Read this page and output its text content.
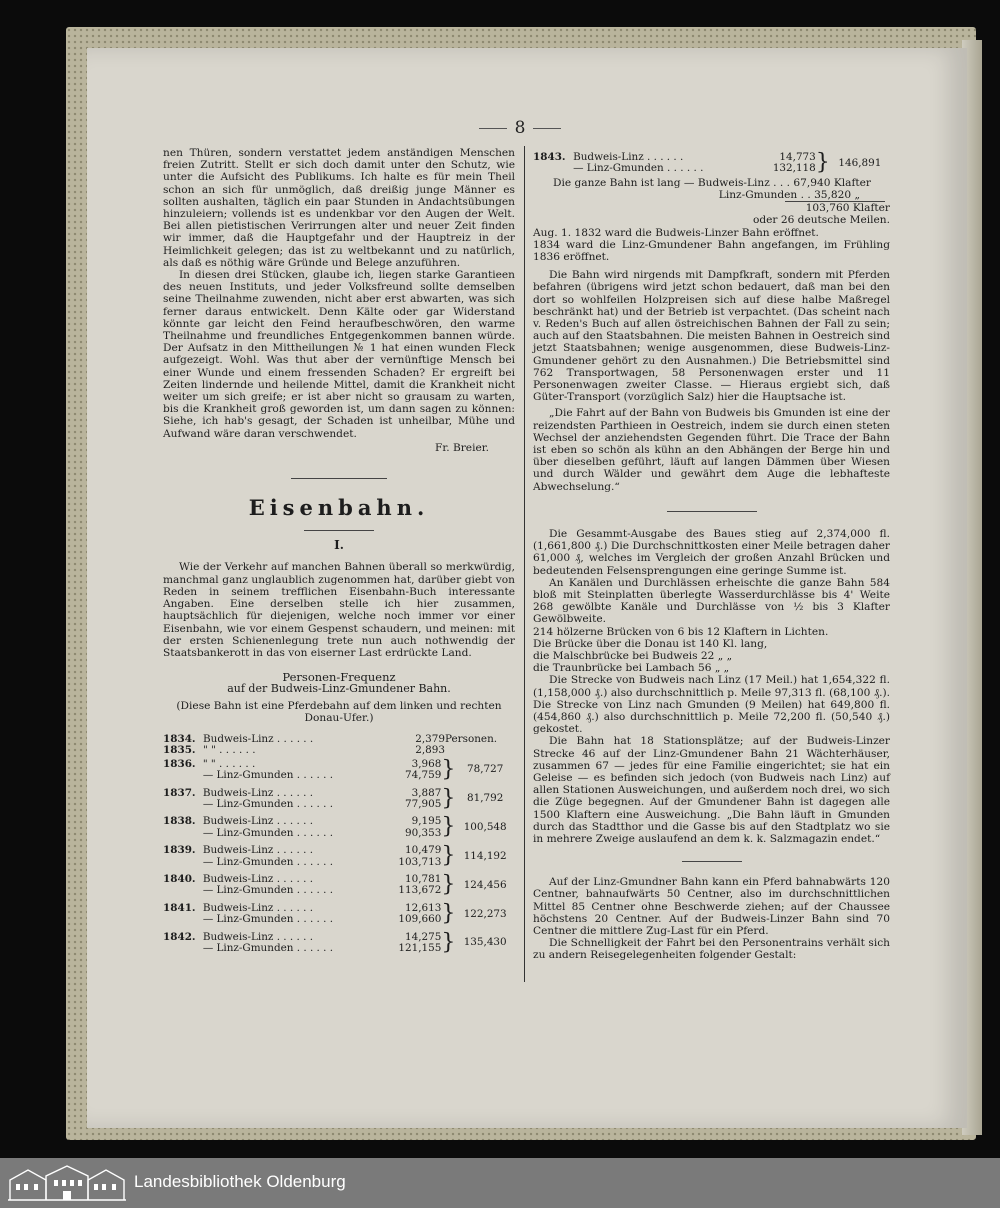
8

nen Thüren, sondern verstattet jedem anständigen Menschen freien Zutritt. Stellt er sich doch damit unter den Schutz, wie unter die Aufsicht des Publikums. Ich halte es für mein Theil schon an sich für unmöglich, daß dreißig junge Männer es sollten aushalten, täglich ein paar Stunden in Andachtsübungen hinzuleiern; vollends ist es undenkbar vor den Augen der Welt. Bei allen pietistischen Verirrungen alter und neuer Zeit finden wir immer, daß die Hauptgefahr und der Hauptreiz in der Heimlichkeit gelegen; das ist zu weltbekannt und zu natürlich, als daß es nöthig wäre Gründe und Belege anzuführen.

In diesen drei Stücken, glaube ich, liegen starke Garantieen des neuen Instituts, und jeder Volksfreund sollte demselben seine Theilnahme zuwenden, nicht aber erst abwarten, was sich ferner daraus entwickelt. Denn Kälte oder gar Widerstand könnte gar leicht den Feind heraufbeschwören, den warme Theilnahme und freundliches Entgegenkommen bannen würde. Der Aufsatz in den Mittheilungen № 1 hat einen wunden Fleck aufgezeigt. Wohl. Was thut aber der vernünftige Mensch bei einer Wunde und einem fressenden Schaden? Er ergreift bei Zeiten lindernde und heilende Mittel, damit die Krankheit nicht weiter um sich greife; er ist aber nicht so grausam zu warten, bis die Krankheit groß geworden ist, um dann sagen zu können: Siehe, ich hab's gesagt, der Schaden ist unheilbar, Mühe und Aufwand wäre daran verschwendet.

Fr. Breier.

Eisenbahn.
I.

Wie der Verkehr auf manchen Bahnen überall so merkwürdig, manchmal ganz unglaublich zugenommen hat, darüber giebt von Reden in seinem trefflichen Eisenbahn-Buch interessante Angaben. Eine derselben stelle ich hier zusammen, hauptsächlich für diejenigen, welche noch immer vor einer Eisenbahn, wie vor einem Gespenst schaudern, und meinen: mit der ersten Schienenlegung trete nun auch nothwendig der Staatsbankerott in das von eiserner Last erdrückte Land.

Personen-Frequenz
auf der Budweis-Linz-Gmundener Bahn.
(Diese Bahn ist eine Pferdebahn auf dem linken und rechten Donau-Ufer.)
1834.	Budweis-Linz . . . . . .	2,379	Personen.
1835.	" " . . . . . .	2,893	
1836.	" " . . . . . .	3,968	}	78,727
	— Linz-Gmunden . . . . . .	74,759		

1837.	Budweis-Linz . . . . . .	3,887	}	81,792
	— Linz-Gmunden . . . . . .	77,905		

1838.	Budweis-Linz . . . . . .	9,195	}	100,548
	— Linz-Gmunden . . . . . .	90,353		

1839.	Budweis-Linz . . . . . .	10,479	}	114,192
	— Linz-Gmunden . . . . . .	103,713		

1840.	Budweis-Linz . . . . . .	10,781	}	124,456
	— Linz-Gmunden . . . . . .	113,672		

1841.	Budweis-Linz . . . . . .	12,613	}	122,273
	— Linz-Gmunden . . . . . .	109,660		

1842.	Budweis-Linz . . . . . .	14,275	}	135,430
	— Linz-Gmunden . . . . . .	121,155		

1843.	Budweis-Linz . . . . . .	14,773	}	146,891
	— Linz-Gmunden . . . . . .	132,118		

Die ganze Bahn ist lang — Budweis-Linz . . . 67,940 Klafter

Linz-Gmunden . . 35,820 „

103,760 Klafter

oder 26 deutsche Meilen.

Aug. 1. 1832 ward die Budweis-Linzer Bahn eröffnet.

1834 ward die Linz-Gmundener Bahn angefangen, im Frühling 1836 eröffnet.

Die Bahn wird nirgends mit Dampfkraft, sondern mit Pferden befahren (übrigens wird jetzt schon bedauert, daß man bei den dort so wohlfeilen Holzpreisen sich auf diese halbe Maßregel beschränkt hat) und der Betrieb ist verpachtet. (Das scheint nach v. Reden's Buch auf allen östreichischen Bahnen der Fall zu sein; auch auf den Staatsbahnen. Die meisten Bahnen in Oestreich sind jetzt Staatsbahnen; wenige ausgenommen, diese Budweis-Linz-Gmundener gehört zu den Ausnahmen.) Die Betriebsmittel sind 762 Transportwagen, 58 Personenwagen erster und 11 Personenwagen zweiter Classe. — Hieraus ergiebt sich, daß Güter-Transport (vorzüglich Salz) hier die Hauptsache ist.

„Die Fahrt auf der Bahn von Budweis bis Gmunden ist eine der reizendsten Parthieen in Oestreich, indem sie durch einen steten Wechsel der anziehendsten Gegenden führt. Die Trace der Bahn ist eben so schön als kühn an den Abhängen der Berge hin und über dieselben geführt, läuft auf langen Dämmen über Wiesen und durch Wälder und gewährt dem Auge die lebhafteste Abwechselung.“

Die Gesammt-Ausgabe des Baues stieg auf 2,374,000 fl. (1,661,800 ₰.) Die Durchschnittkosten einer Meile betragen daher 61,000 ₰, welches im Vergleich der großen Anzahl Brücken und bedeutenden Felsensprengungen eine geringe Summe ist.

An Kanälen und Durchlässen erheischte die ganze Bahn 584 bloß mit Steinplatten überlegte Wasserdurchlässe bis 4' Weite 268 gewölbte Kanäle und Durchlässe von ½ bis 3 Klafter Gewölbweite.

214 hölzerne Brücken von 6 bis 12 Klaftern in Lichten.

Die Brücke über die Donau ist 140 Kl. lang,

die Malschbrücke bei Budweis 22 „ „

die Traunbrücke bei Lambach 56 „ „

Die Strecke von Budweis nach Linz (17 Meil.) hat 1,654,322 fl. (1,158,000 ₰.) also durchschnittlich p. Meile 97,313 fl. (68,100 ₰.). Die Strecke von Linz nach Gmunden (9 Meilen) hat 649,800 fl. (454,860 ₰.) also durchschnittlich p. Meile 72,200 fl. (50,540 ₰.) gekostet.

Die Bahn hat 18 Stationsplätze; auf der Budweis-Linzer Strecke 46 auf der Linz-Gmundener Bahn 21 Wächterhäuser, zusammen 67 — jedes für eine Familie eingerichtet; sie hat ein Geleise — es befinden sich jedoch (von Budweis nach Linz) auf allen Stationen Ausweichungen, und außerdem noch drei, wo sich die Züge begegnen. Auf der Gmundener Bahn ist dagegen alle 1500 Klaftern eine Ausweichung. „Die Bahn läuft in Gmunden durch das Stadtthor und die Gasse bis auf den Stadtplatz wo sie in mehrere Zweige auslaufend an dem k. k. Salzmagazin endet.“

Auf der Linz-Gmundner Bahn kann ein Pferd bahnabwärts 120 Centner, bahnaufwärts 50 Centner, also im durchschnittlichen Mittel 85 Centner ohne Beschwerde ziehen; auf der Chaussee höchstens 20 Centner. Auf der Budweis-Linzer Bahn sind 70 Centner die mittlere Zug-Last für ein Pferd.

Die Schnelligkeit der Fahrt bei den Personentrains verhält sich zu andern Reisegelegenheiten folgender Gestalt:

Landesbibliothek Oldenburg
